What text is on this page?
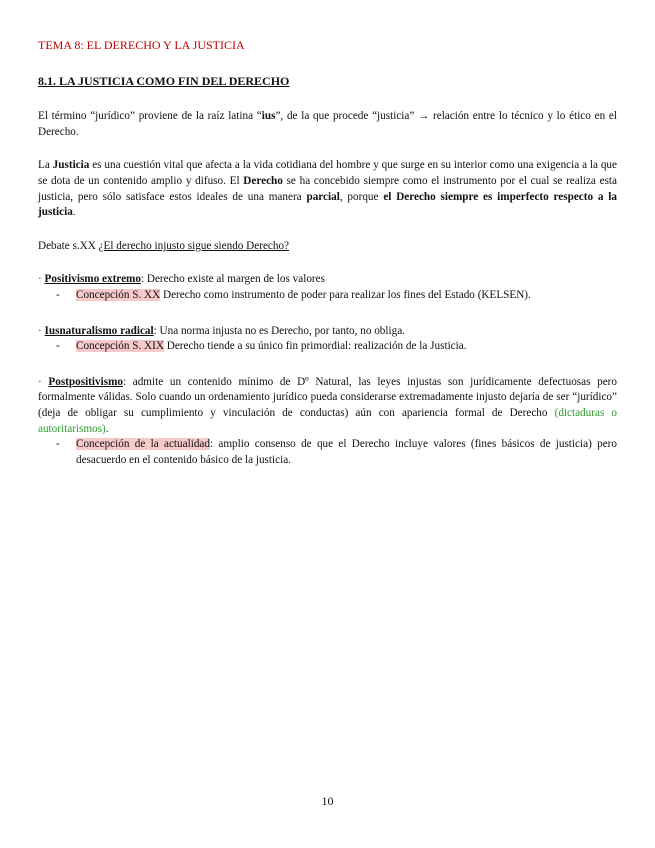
TEMA 8: EL DERECHO Y LA JUSTICIA
8.1. LA JUSTICIA COMO FIN DEL DERECHO

El término “jurídico” proviene de la raíz latina “ius”, de la que procede “justicia” → relación entre lo técnico y lo ético en el Derecho.

La Justicia es una cuestión vital que afecta a la vida cotidiana del hombre y que surge en su interior como una exigencia a la que se dota de un contenido amplio y difuso. El Derecho se ha concebido siempre como el instrumento por el cual se realiza esta justicia, pero sólo satisface estos ideales de una manera parcial, porque el Derecho siempre es imperfecto respecto a la justicia.

Debate s.XX ¿El derecho injusto sigue siendo Derecho?

· Positivismo extremo: Derecho existe al margen de los valores

-	Concepción S. XX Derecho como instrumento de poder para realizar los fines del Estado (KELSEN).

· Iusnaturalismo radical: Una norma injusta no es Derecho, por tanto, no obliga.

-	Concepción S. XIX Derecho tiende a su único fin primordial: realización de la Justicia.

· Postpositivismo: admite un contenido mínimo de Dº Natural, las leyes injustas son jurídicamente defectuosas pero formalmente válidas. Solo cuando un ordenamiento jurídico pueda considerarse extremadamente injusto dejaría de ser “jurídico” (deja de obligar su cumplimiento y vinculación de conductas) aún con apariencia formal de Derecho (dictaduras o autoritarismos).

-	Concepción de la actualidad: amplio consenso de que el Derecho incluye valores (fines básicos de justicia) pero desacuerdo en el contenido básico de la justicia.
10
